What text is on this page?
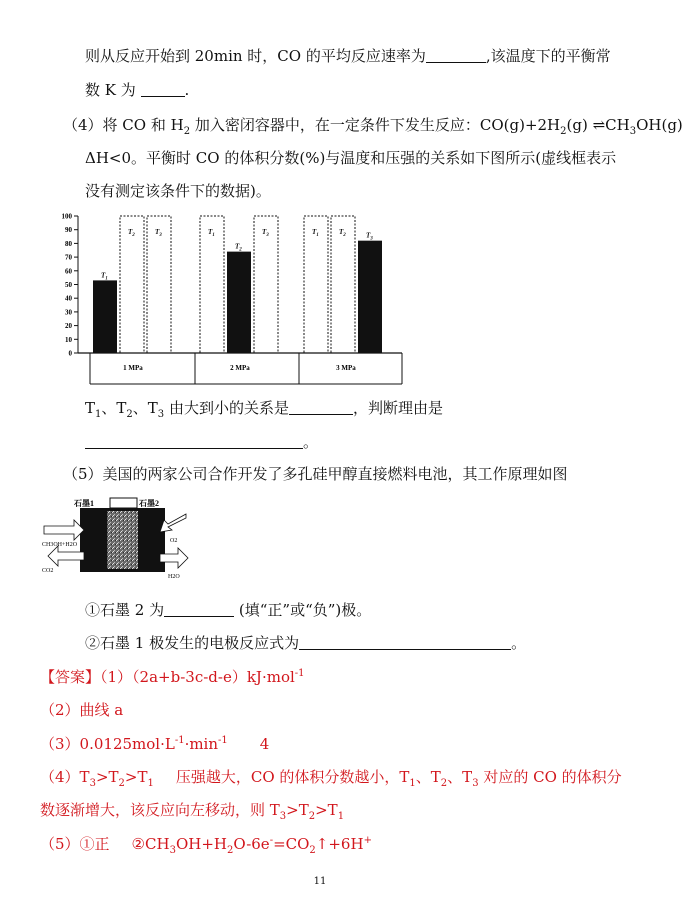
则从反应开始到 20min 时，CO 的平均反应速率为	,该温度下的平衡常
数 K 为	.
（4）将 CO 和 $H_2$ 加入密闭容器中，在一定条件下发生反应：$CO(g)+2H_2(g)$ $\rightleftharpoons CH_3OH(g)$
ΔH<0。平衡时 CO 的体积分数(%)与温度和压强的关系如下图所示(虚线框表示
没有测定该条件下的数据)。
0
10
20
30
40
50
60
70
80
90
100
$T_1$
$T_2$	$T_3$	$T_1$
$T_2$
$T_3$	$T_1$	$T_2$	$T_3$
1 MPa	2 MPa	3 MPa
$T_1$、$T_2$、$T_3$ 由大到小的关系是	，判断理由是
。
（5）美国的两家公司合作开发了多孔硅甲醇直接燃料电池，其工作原理如图
石墨1	石墨2
CH3OH+H2O
CO2
O2
H2O
①石墨 2 为	(填“正”或“负”)极。
②石墨 1 极发生的电极反应式为	。
【答案】（1）（2a+b-3c-d-e）kJ·mol$^{-1}$
（2）曲线 a
$(3)0.0125mol\cdot L^{-1}\cdot\min^{-1}$ 4
$(4)T_3>T_2>T_1$ 压强越大，CO 的体积分数越小，$T_1$、$T_2$、$T_3$ 对应的 CO 的体积分
数逐渐增大，该反应向左移动，则 $T_3>T_2>T_1$
（5）①正 $②CH_3OH+H_2O-6e^-=CO_2↑+6H^+$
11
